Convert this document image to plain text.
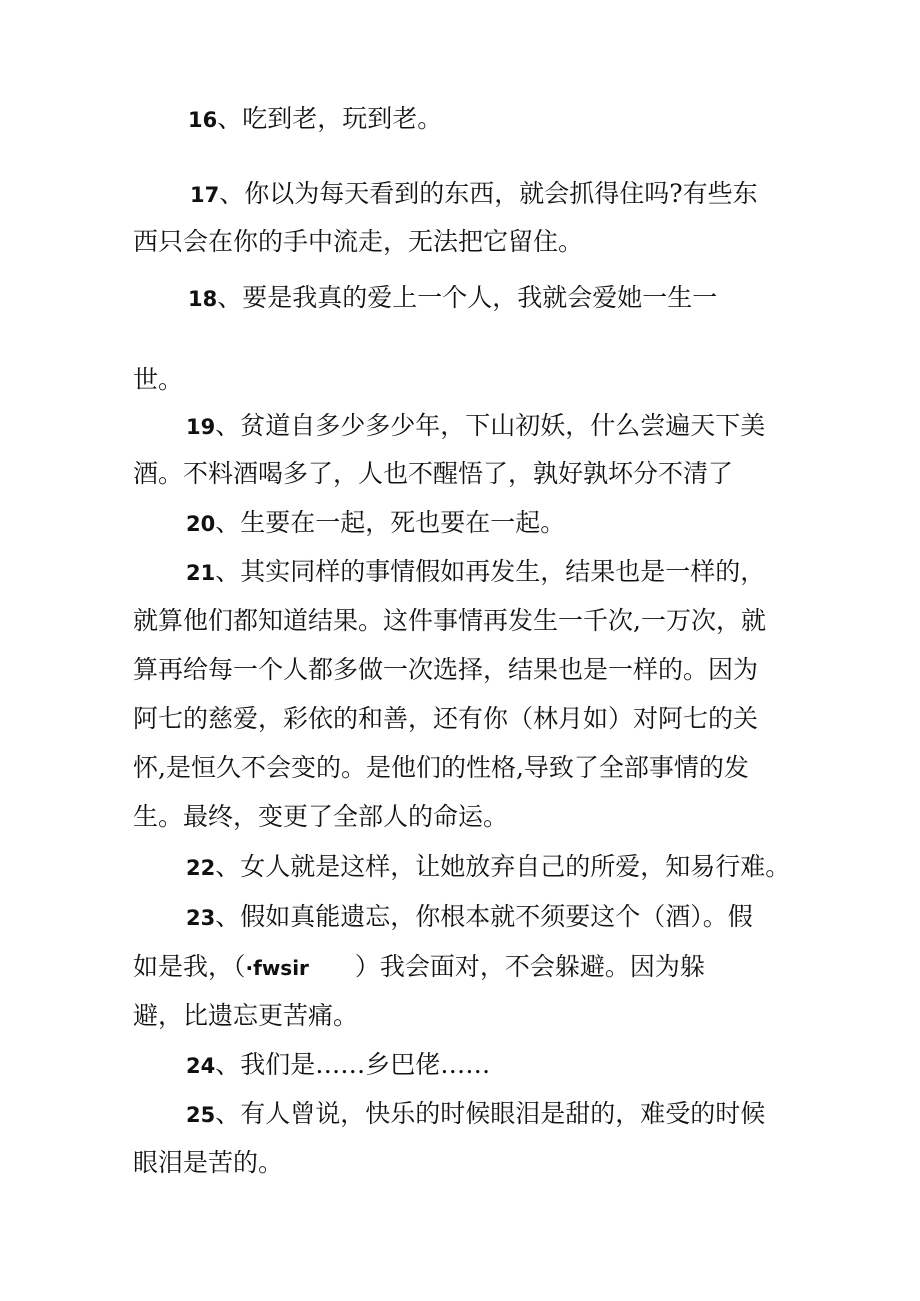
16、吃到老，玩到老。
17、你以为每天看到的东西，就会抓得住吗?有些东
西只会在你的手中流走，无法把它留住。
18、要是我真的爱上一个人，我就会爱她一生一
世。
19、贫道自多少多少年，下山初妖，什么尝遍天下美
酒。不料酒喝多了，人也不醒悟了，孰好孰坏分不清了
20、生要在一起，死也要在一起。
21、其实同样的事情假如再发生，结果也是一样的，
就算他们都知道结果。这件事情再发生一千次,一万次，就
算再给每一个人都多做一次选择，结果也是一样的。因为
阿七的慈爱，彩依的和善，还有你（林月如）对阿七的关
怀,是恒久不会变的。是他们的性格,导致了全部事情的发
生。最终，变更了全部人的命运。
22、女人就是这样，让她放弃自己的所爱，知易行难。
23、假如真能遗忘，你根本就不须要这个（酒）。假
如是我，（·fwsir ）我会面对，不会躲避。因为躲
避，比遗忘更苦痛。
24、我们是……乡巴佬……
25、有人曾说，快乐的时候眼泪是甜的，难受的时候
眼泪是苦的。
